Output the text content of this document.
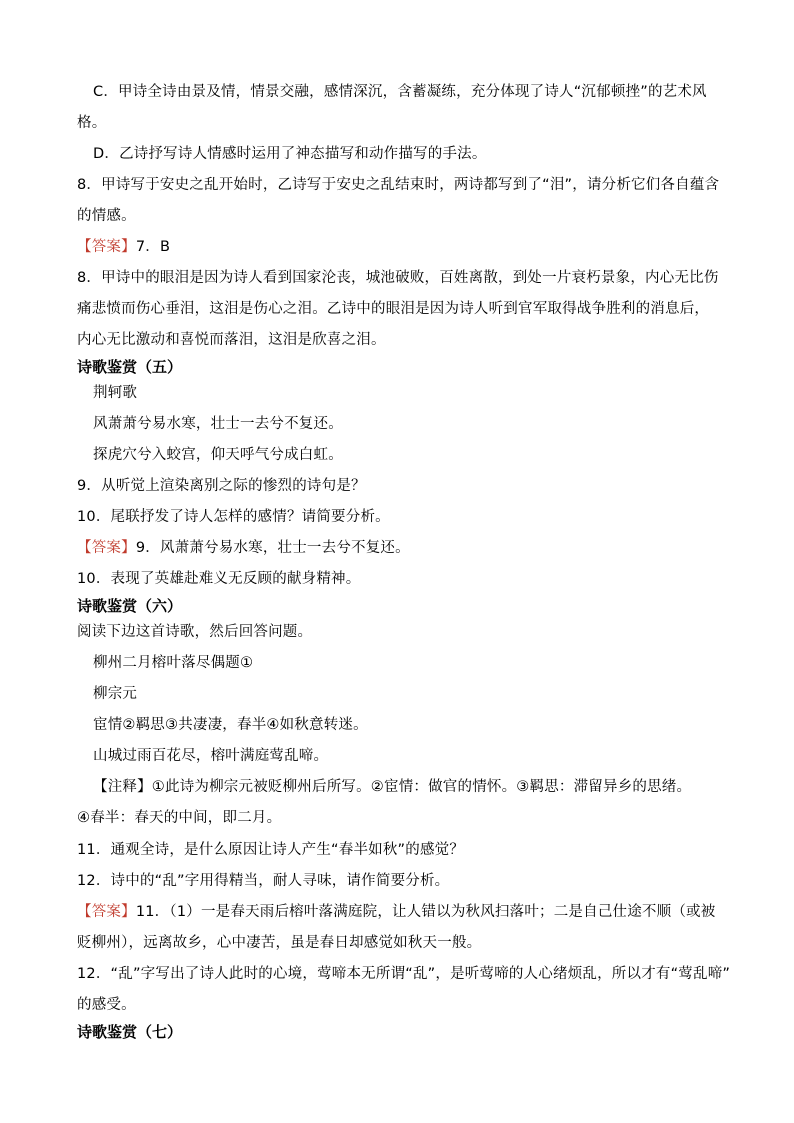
C．甲诗全诗由景及情，情景交融，感情深沉，含蓄凝练，充分体现了诗人“沉郁顿挫”的艺术风
格。
D．乙诗抒写诗人情感时运用了神态描写和动作描写的手法。
8．甲诗写于安史之乱开始时，乙诗写于安史之乱结束时，两诗都写到了“泪”，请分析它们各自蕴含
的情感。
【答案】7．B
8．甲诗中的眼泪是因为诗人看到国家沦丧，城池破败，百姓离散，到处一片衰朽景象，内心无比伤
痛悲愤而伤心垂泪，这泪是伤心之泪。乙诗中的眼泪是因为诗人听到官军取得战争胜利的消息后，
内心无比激动和喜悦而落泪，这泪是欣喜之泪。
诗歌鉴赏（五）
荆轲歌
风萧萧兮易水寒，壮士一去兮不复还。
探虎穴兮入蛟宫，仰天呼气兮成白虹。
9．从听觉上渲染离别之际的惨烈的诗句是？
10．尾联抒发了诗人怎样的感情？请简要分析。
【答案】9．风萧萧兮易水寒，壮士一去兮不复还。
10．表现了英雄赴难义无反顾的献身精神。
诗歌鉴赏（六）
阅读下边这首诗歌，然后回答问题。
柳州二月榕叶落尽偶题①
柳宗元
宦情②羁思③共凄凄，春半④如秋意转迷。
山城过雨百花尽，榕叶满庭莺乱啼。
【注释】①此诗为柳宗元被贬柳州后所写。②宦情：做官的情怀。③羁思：滞留异乡的思绪。
④春半：春天的中间，即二月。
11．通观全诗，是什么原因让诗人产生“春半如秋”的感觉？
12．诗中的“乱”字用得精当，耐人寻味，请作简要分析。
【答案】11．（1）一是春天雨后榕叶落满庭院，让人错以为秋风扫落叶；二是自己仕途不顺（或被
贬柳州），远离故乡，心中凄苦，虽是春日却感觉如秋天一般。
12．“乱”字写出了诗人此时的心境，莺啼本无所谓“乱”，是听莺啼的人心绪烦乱，所以才有“莺乱啼”
的感受。
诗歌鉴赏（七）
